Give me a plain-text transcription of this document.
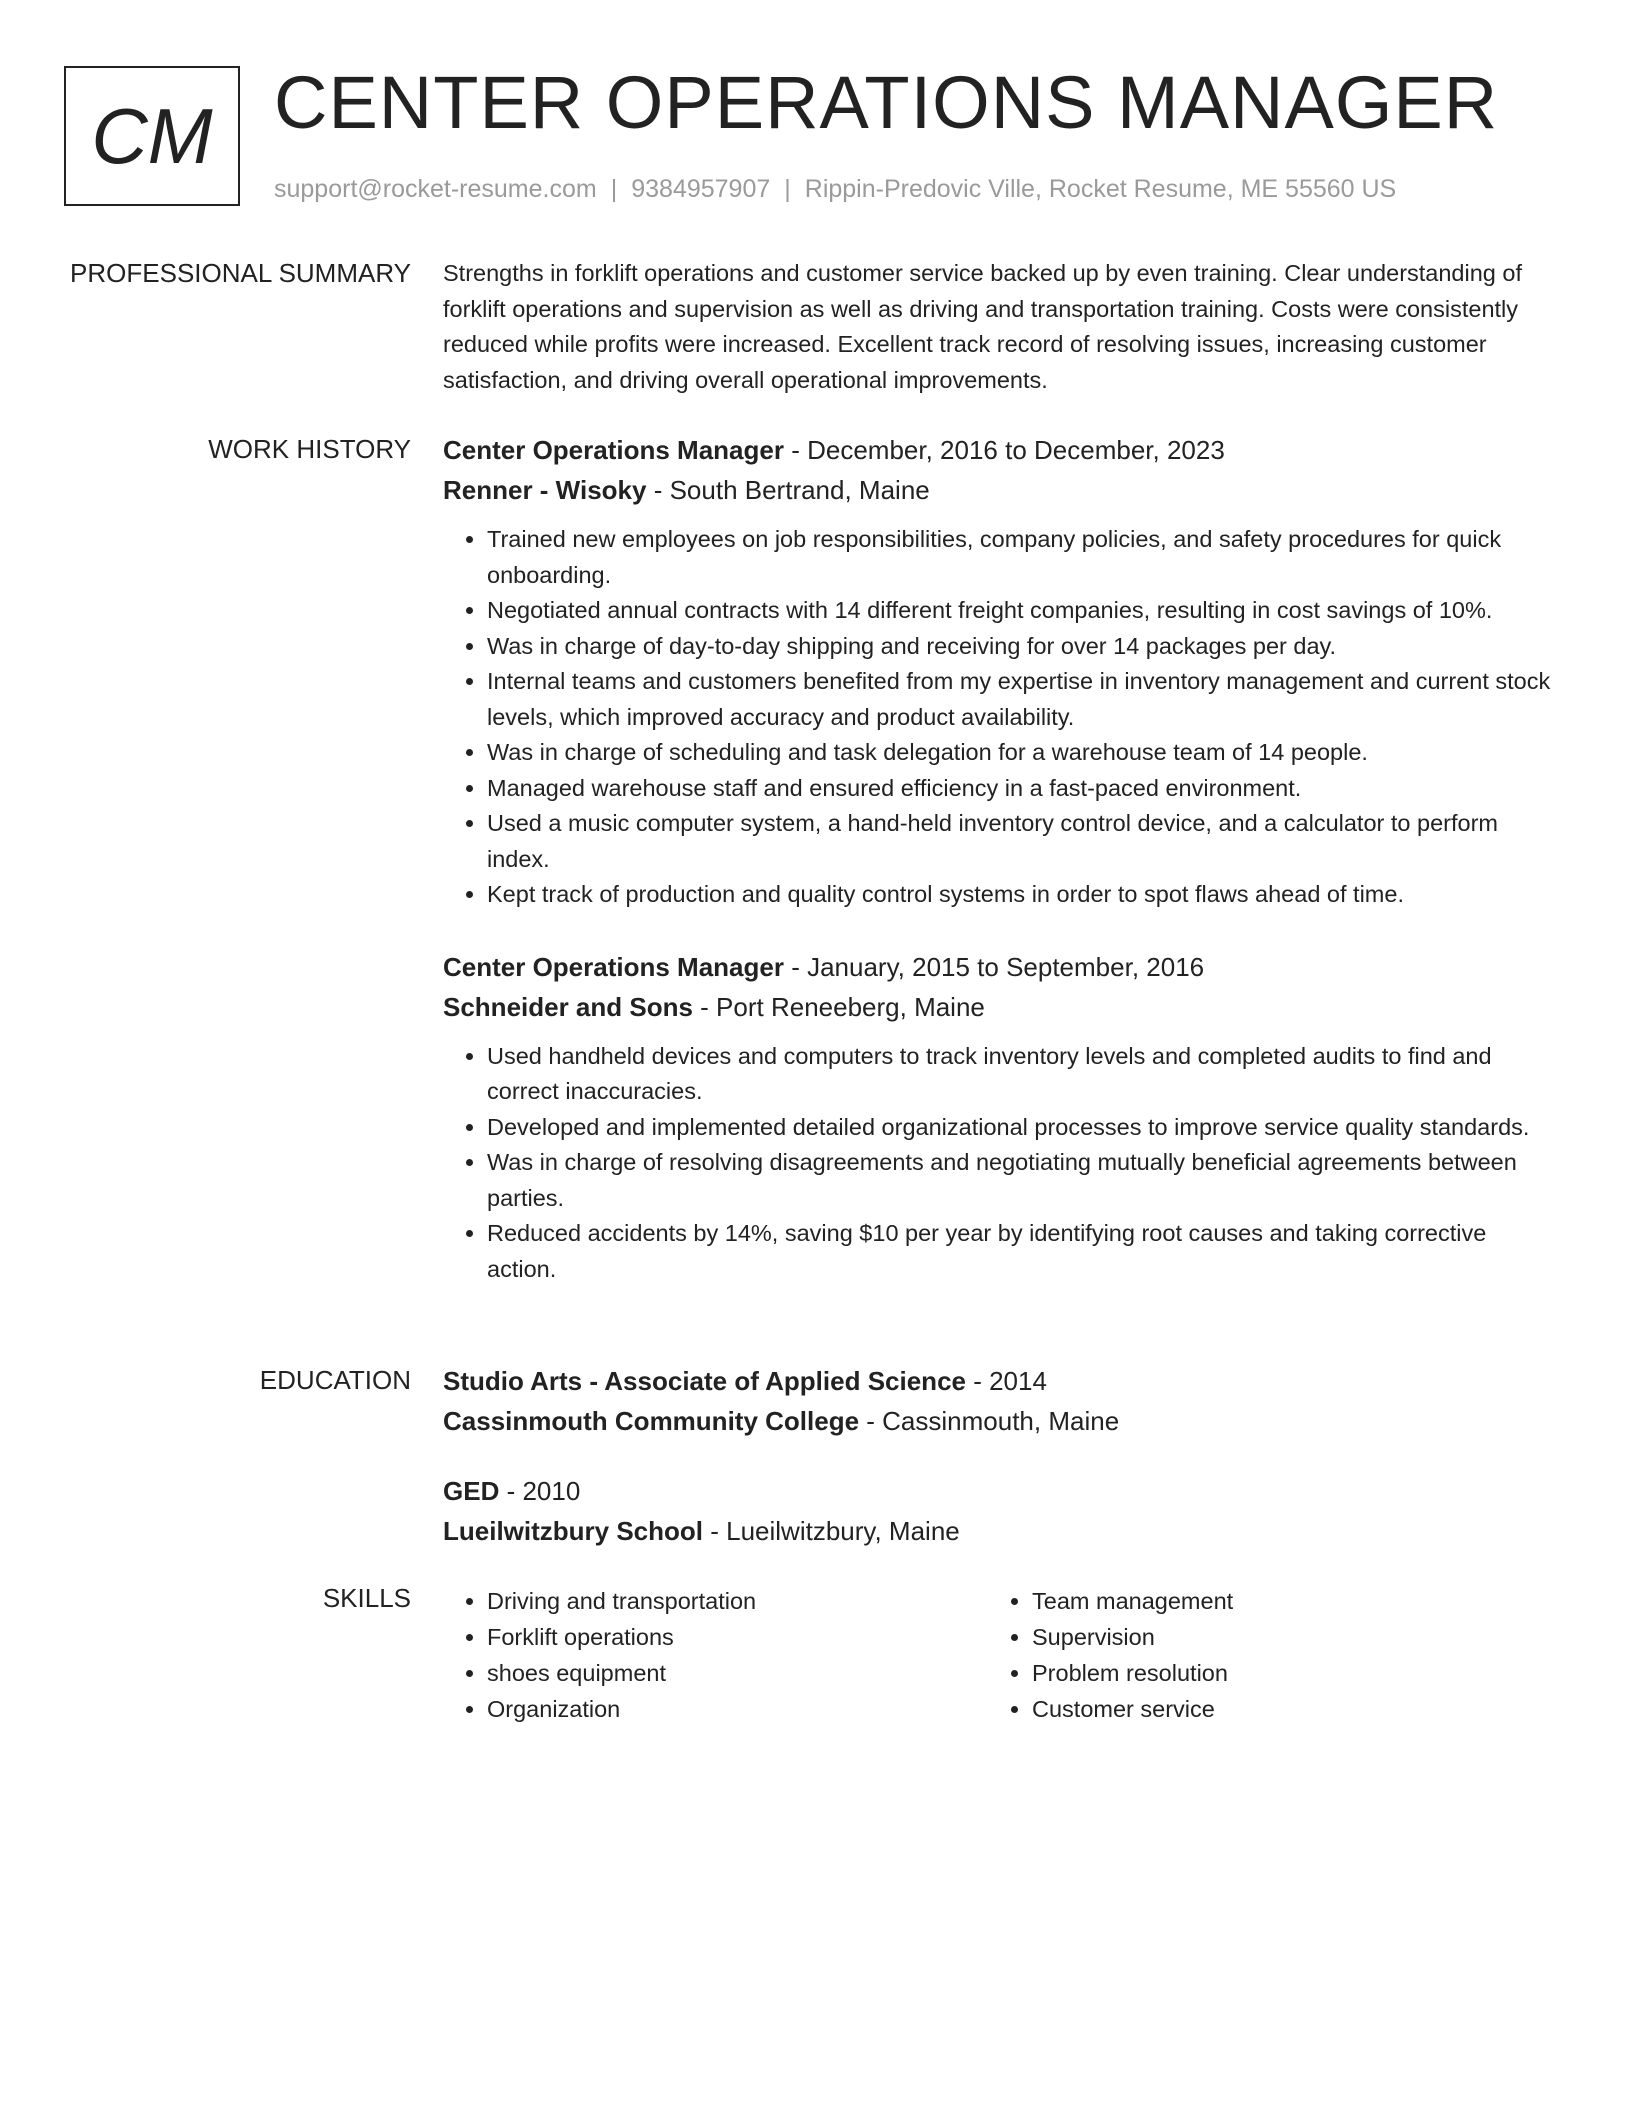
CM CENTER OPERATIONS MANAGER
support@rocket-resume.com | 9384957907 | Rippin-Predovic Ville, Rocket Resume, ME 55560 US
PROFESSIONAL SUMMARY Strengths in forklift operations and customer service backed up by even training. Clear understanding of forklift operations and supervision as well as driving and transportation training. Costs were consistently reduced while profits were increased. Excellent track record of resolving issues, increasing customer satisfaction, and driving overall operational improvements.

WORK HISTORY Center Operations Manager - December, 2016 to December, 2023

Renner - Wisoky - South Bertrand, Maine

• Trained new employees on job responsibilities, company policies, and safety procedures for quick onboarding.
• Negotiated annual contracts with 14 different freight companies, resulting in cost savings of 10%.
• Was in charge of day-to-day shipping and receiving for over 14 packages per day.
• Internal teams and customers benefited from my expertise in inventory management and current stock levels, which improved accuracy and product availability.
• Was in charge of scheduling and task delegation for a warehouse team of 14 people.
• Managed warehouse staff and ensured efficiency in a fast-paced environment.
• Used a music computer system, a hand-held inventory control device, and a calculator to perform index.
• Kept track of production and quality control systems in order to spot flaws ahead of time.

Center Operations Manager - January, 2015 to September, 2016

Schneider and Sons - Port Reneeberg, Maine

• Used handheld devices and computers to track inventory levels and completed audits to find and correct inaccuracies.
• Developed and implemented detailed organizational processes to improve service quality standards.
• Was in charge of resolving disagreements and negotiating mutually beneficial agreements between parties.
• Reduced accidents by 14%, saving $10 per year by identifying root causes and taking corrective action.
EDUCATION Studio Arts - Associate of Applied Science - 2014

Cassinmouth Community College - Cassinmouth, Maine

GED - 2010

Lueilwitzbury School - Lueilwitzbury, Maine

SKILLS
•	Driving and transportation
• Forklift operations
• shoes equipment
• Organization
• Team management
• Supervision
• Problem resolution
• Customer service
